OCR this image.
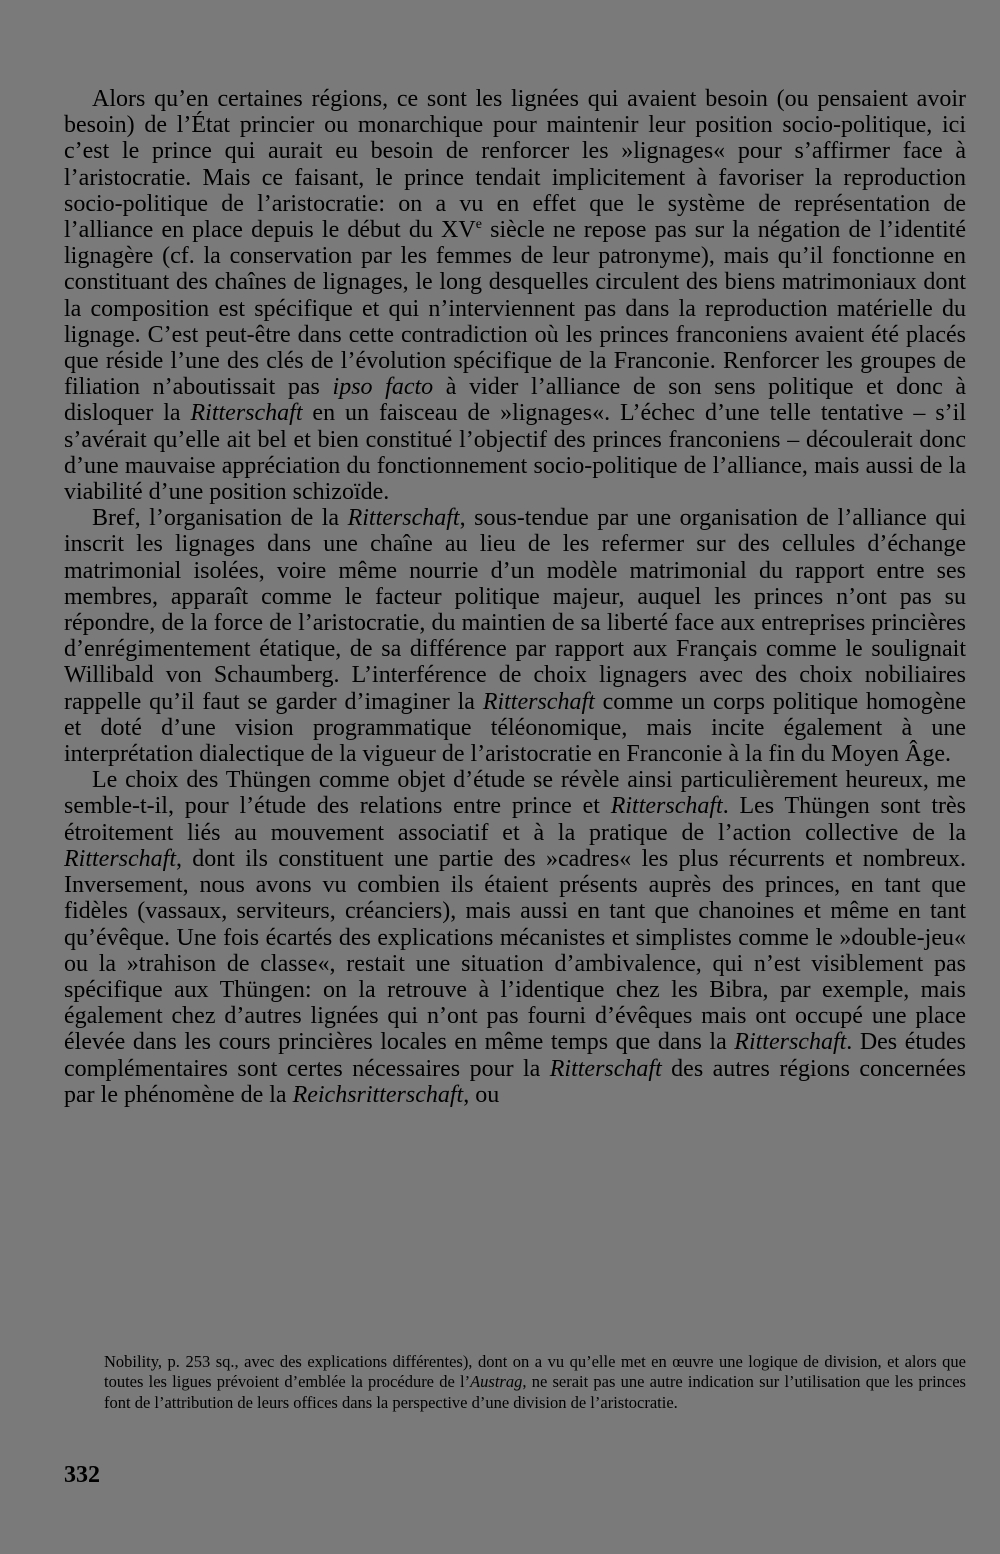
Alors qu’en certaines régions, ce sont les lignées qui avaient besoin (ou pensaient avoir besoin) de l’État princier ou monarchique pour maintenir leur position socio-politique, ici c’est le prince qui aurait eu besoin de renforcer les »lignages« pour s’affirmer face à l’aristocratie. Mais ce faisant, le prince tendait implicitement à favoriser la reproduction socio-politique de l’aristocratie: on a vu en effet que le système de représentation de l’alliance en place depuis le début du XVe siècle ne repose pas sur la négation de l’identité lignagère (cf. la conservation par les femmes de leur patronyme), mais qu’il fonctionne en constituant des chaînes de lignages, le long desquelles circulent des biens matrimoniaux dont la composition est spécifique et qui n’interviennent pas dans la reproduction matérielle du lignage. C’est peut-être dans cette contradiction où les princes franconiens avaient été placés que réside l’une des clés de l’évolution spécifique de la Franconie. Renforcer les groupes de filiation n’aboutissait pas ipso facto à vider l’alliance de son sens politique et donc à disloquer la Ritterschaft en un faisceau de »lignages«. L’échec d’une telle tentative – s’il s’avérait qu’elle ait bel et bien constitué l’objectif des princes franconiens – découlerait donc d’une mauvaise appréciation du fonctionnement socio-politique de l’alliance, mais aussi de la viabilité d’une position schizoïde.

Bref, l’organisation de la Ritterschaft, sous-tendue par une organisation de l’alliance qui inscrit les lignages dans une chaîne au lieu de les refermer sur des cellules d’échange matrimonial isolées, voire même nourrie d’un modèle matrimonial du rapport entre ses membres, apparaît comme le facteur politique majeur, auquel les princes n’ont pas su répondre, de la force de l’aristocratie, du maintien de sa liberté face aux entreprises princières d’enrégimentement étatique, de sa différence par rapport aux Français comme le soulignait Willibald von Schaumberg. L’interférence de choix lignagers avec des choix nobiliaires rappelle qu’il faut se garder d’imaginer la Ritterschaft comme un corps politique homogène et doté d’une vision programmatique téléonomique, mais incite également à une interprétation dialectique de la vigueur de l’aristocratie en Franconie à la fin du Moyen Âge.

Le choix des Thüngen comme objet d’étude se révèle ainsi particulièrement heureux, me semble-t-il, pour l’étude des relations entre prince et Ritterschaft. Les Thüngen sont très étroitement liés au mouvement associatif et à la pratique de l’action collective de la Ritterschaft, dont ils constituent une partie des »cadres« les plus récurrents et nombreux. Inversement, nous avons vu combien ils étaient présents auprès des princes, en tant que fidèles (vassaux, serviteurs, créanciers), mais aussi en tant que chanoines et même en tant qu’évêque. Une fois écartés des explications mécanistes et simplistes comme le »double-jeu« ou la »trahison de classe«, restait une situation d’ambivalence, qui n’est visiblement pas spécifique aux Thüngen: on la retrouve à l’identique chez les Bibra, par exemple, mais également chez d’autres lignées qui n’ont pas fourni d’évêques mais ont occupé une place élevée dans les cours princières locales en même temps que dans la Ritterschaft. Des études complémentaires sont certes nécessaires pour la Ritterschaft des autres régions concernées par le phénomène de la Reichsritterschaft, ou

Nobility, p. 253 sq., avec des explications différentes), dont on a vu qu’elle met en œuvre une logique de division, et alors que toutes les ligues prévoient d’emblée la procédure de l’Austrag, ne serait pas une autre indication sur l’utilisation que les princes font de l’attribution de leurs offices dans la perspective d’une division de l’aristocratie.

332
